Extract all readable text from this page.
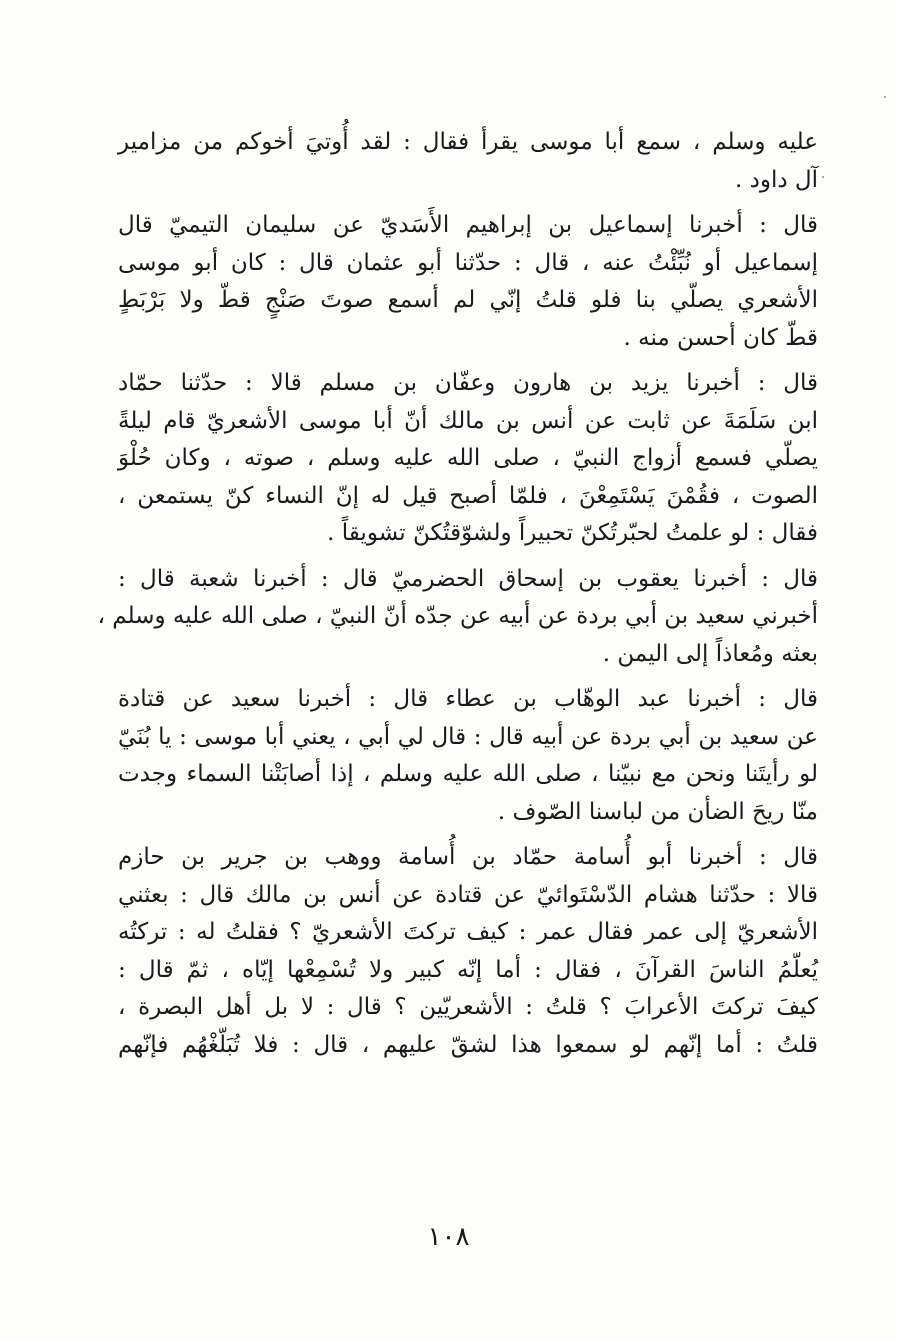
عليه وسلم ، سمع أبا موسى يقرأ فقال : لقد أُوتيَ أخوكم من مزامير
آل داود .
قال : أخبرنا إسماعيل بن إبراهيم الأَسَديّ عن سليمان التيميّ قال
إسماعيل أو نُبِّئْتُ عنه ، قال : حدّثنا أبو عثمان قال : كان أبو موسى
الأشعري يصلّي بنا فلو قلتُ إنّي لم أسمع صوتَ صَنْجٍ قطّ ولا بَرْبَطٍ
قطّ كان أحسن منه .
قال : أخبرنا يزيد بن هارون وعفّان بن مسلم قالا : حدّثنا حمّاد
ابن سَلَمَةَ عن ثابت عن أنس بن مالك أنّ أبا موسى الأشعريّ قام ليلةً
يصلّي فسمع أزواج النبيّ ، صلى الله عليه وسلم ، صوته ، وكان حُلْوَ
الصوت ، فقُمْنَ يَسْتَمِعْنَ ، فلمّا أصبح قيل له إنّ النساء كنّ يستمعن ،
فقال : لو علمتُ لحبّرتُكنّ تحبيراً ولشوّقتُكنّ تشويقاً .
قال : أخبرنا يعقوب بن إسحاق الحضرميّ قال : أخبرنا شعبة قال :
أخبرني سعيد بن أبي بردة عن أبيه عن جدّه أنّ النبيّ ، صلى الله عليه وسلم ،
بعثه ومُعاذاً إلى اليمن .
قال : أخبرنا عبد الوهّاب بن عطاء قال : أخبرنا سعيد عن قتادة
عن سعيد بن أبي بردة عن أبيه قال : قال لي أبي ، يعني أبا موسى : يا بُنَيّ
لو رأيتَنا ونحن مع نبيّنا ، صلى الله عليه وسلم ، إذا أصابَتْنا السماء وجدت
منّا ريحَ الضأن من لباسنا الصّوف .
قال : أخبرنا أبو أُسامة حمّاد بن أُسامة ووهب بن جرير بن حازم
قالا : حدّثنا هشام الدّسْتَوائيّ عن قتادة عن أنس بن مالك قال : بعثني
الأشعريّ إلى عمر فقال عمر : كيف تركتَ الأشعريّ ؟ فقلتُ له : تركتُه
يُعلّمُ الناسَ القرآنَ ، فقال : أما إنّه كبير ولا تُسْمِعْها إيّاه ، ثمّ قال :
كيفَ تركتَ الأعرابَ ؟ قلتُ : الأشعريّين ؟ قال : لا بل أهل البصرة ،
قلتُ : أما إنّهم لو سمعوا هذا لشقّ عليهم ، قال : فلا تُبَلّغْهُم فإنّهم
١٠٨
